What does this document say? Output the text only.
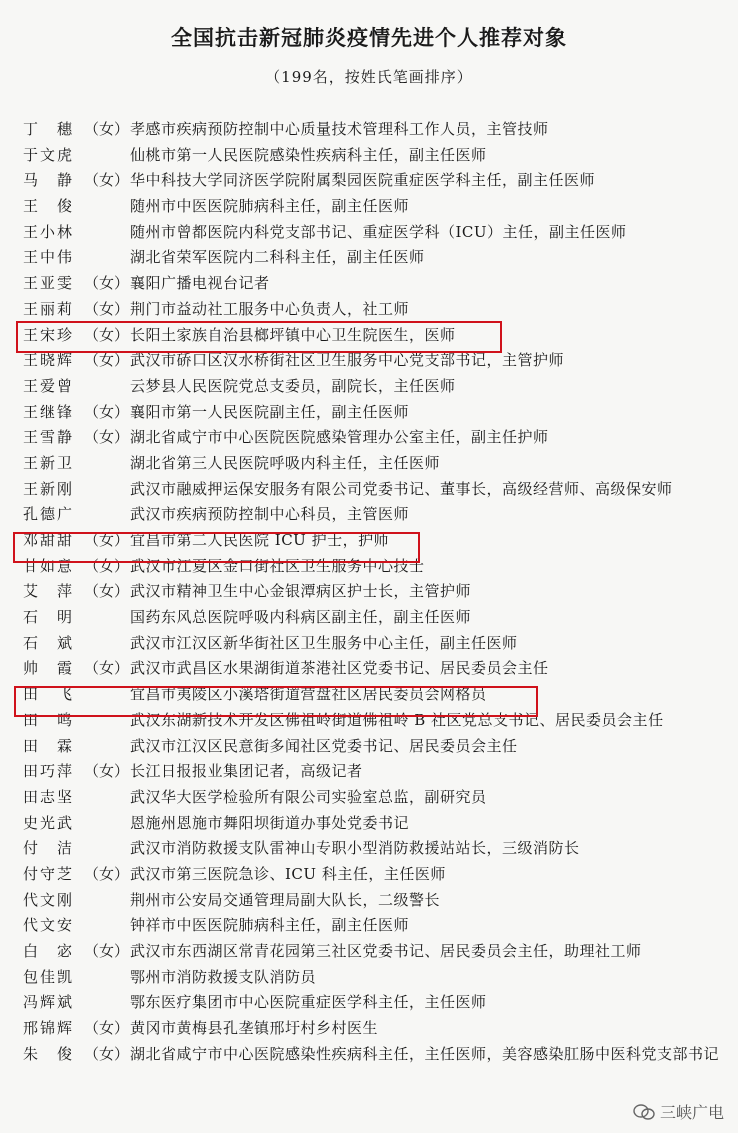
全国抗击新冠肺炎疫情先进个人推荐对象
（199名，按姓氏笔画排序）
丁　穗 （女） 孝感市疾病预防控制中心质量技术管理科工作人员，主管技师
于文虎	仙桃市第一人民医院感染性疾病科主任，副主任医师
马　静 （女） 华中科技大学同济医学院附属梨园医院重症医学科主任，副主任医师
王　俊	随州市中医医院肺病科主任，副主任医师
王小林	随州市曾都医院内科党支部书记、重症医学科（ICU）主任，副主任医师
王中伟	湖北省荣军医院内二科科主任，副主任医师
王亚雯 （女） 襄阳广播电视台记者
王丽莉 （女） 荆门市益动社工服务中心负责人，社工师
王宋珍 （女） 长阳土家族自治县榔坪镇中心卫生院医生，医师
王晓辉 （女） 武汉市硚口区汉水桥街社区卫生服务中心党支部书记，主管护师
王爱曾	云梦县人民医院党总支委员，副院长，主任医师
王继锋 （女） 襄阳市第一人民医院副主任，副主任医师
王雪静 （女） 湖北省咸宁市中心医院医院感染管理办公室主任，副主任护师
王新卫	湖北省第三人民医院呼吸内科主任，主任医师
王新刚	武汉市融威押运保安服务有限公司党委书记、董事长，高级经营师、高级保安师
孔德广	武汉市疾病预防控制中心科员，主管医师
邓甜甜 （女） 宜昌市第二人民医院 ICU 护士，护师
甘如意 （女） 武汉市江夏区金口街社区卫生服务中心技士
艾　萍 （女） 武汉市精神卫生中心金银潭病区护士长，主管护师
石　明	国药东风总医院呼吸内科病区副主任，副主任医师
石　斌	武汉市江汉区新华街社区卫生服务中心主任，副主任医师
帅　霞 （女） 武汉市武昌区水果湖街道茶港社区党委书记、居民委员会主任
田　飞	宜昌市夷陵区小溪塔街道营盘社区居民委员会网格员
田　鸣	武汉东湖新技术开发区佛祖岭街道佛祖岭 B 社区党总支书记、居民委员会主任
田　霖	武汉市江汉区民意街多闻社区党委书记、居民委员会主任
田巧萍 （女） 长江日报报业集团记者，高级记者
田志坚	武汉华大医学检验所有限公司实验室总监，副研究员
史光武	恩施州恩施市舞阳坝街道办事处党委书记
付　洁	武汉市消防救援支队雷神山专职小型消防救援站站长，三级消防长
付守芝 （女） 武汉市第三医院急诊、ICU 科主任，主任医师
代文刚	荆州市公安局交通管理局副大队长，二级警长
代文安	钟祥市中医医院肺病科主任，副主任医师
白　宓 （女） 武汉市东西湖区常青花园第三社区党委书记、居民委员会主任，助理社工师
包佳凯	鄂州市消防救援支队消防员
冯辉斌	鄂东医疗集团市中心医院重症医学科主任，主任医师
邢锦辉 （女） 黄冈市黄梅县孔垄镇邢圩村乡村医生
朱　俊 （女） 湖北省咸宁市中心医院感染性疾病科主任，主任医师，美容感染肛肠中医科党支部书记
三峡广电
